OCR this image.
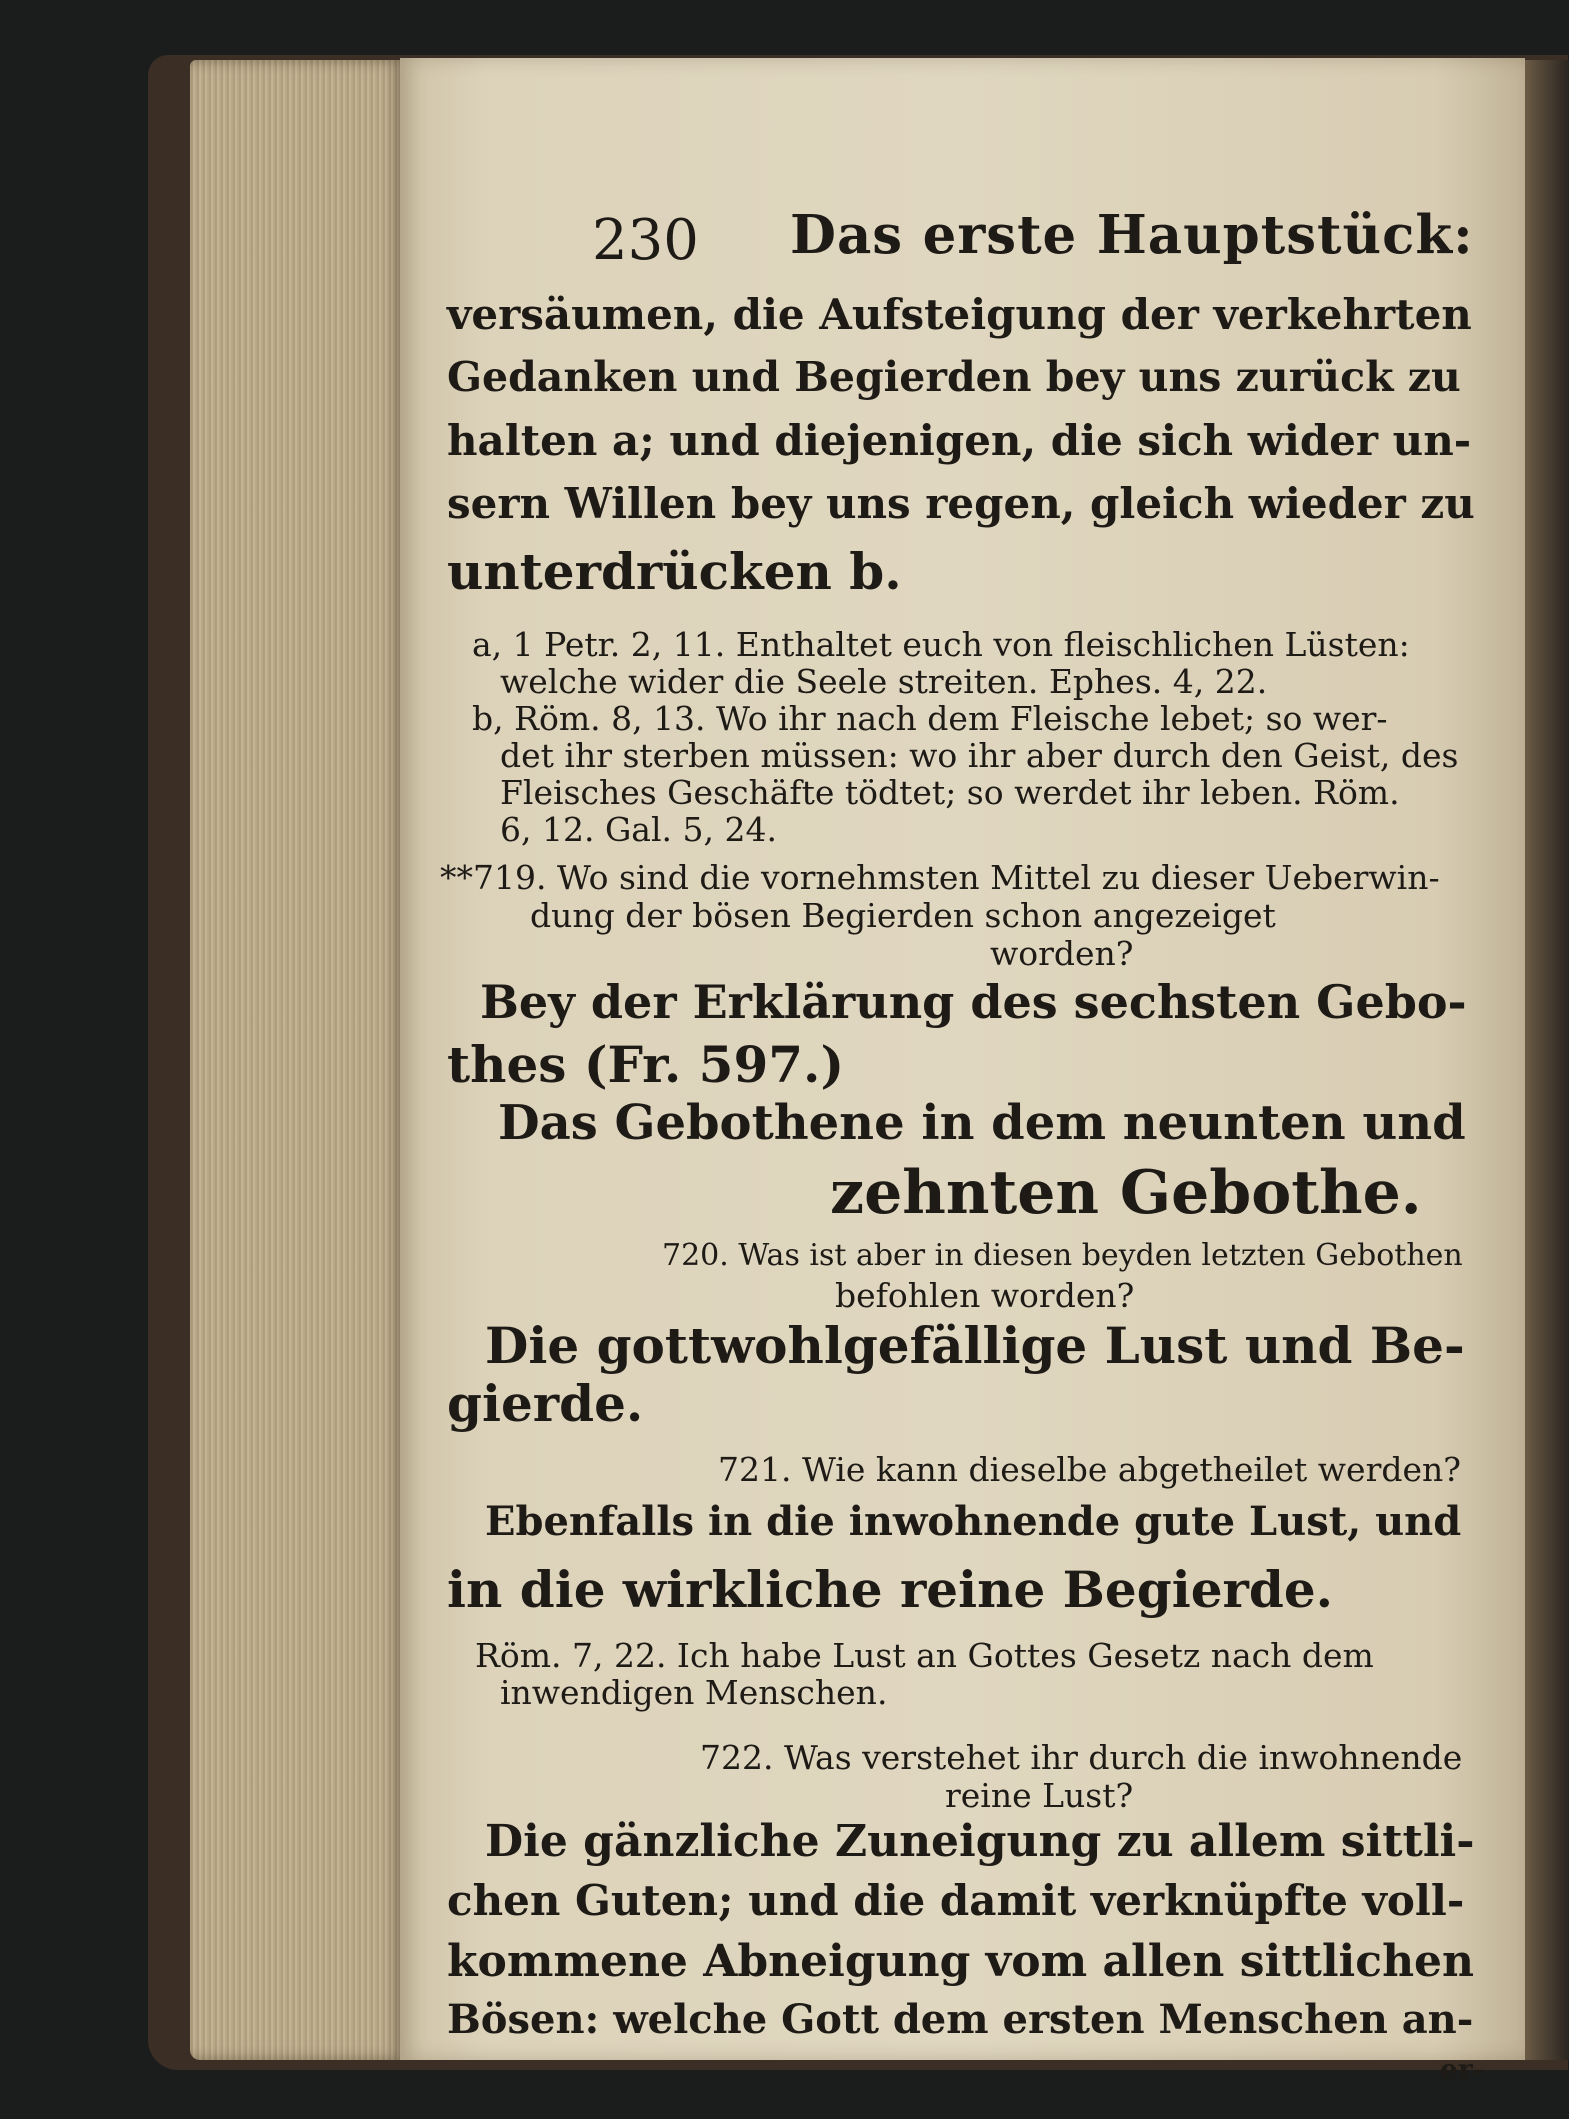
230 Das erste Hauptstück:
versäumen, die Aufsteigung der verkehrten
Gedanken und Begierden bey uns zurück zu
halten a; und diejenigen, die sich wider un-
sern Willen bey uns regen, gleich wieder zu
unterdrücken b.
a, 1 Petr. 2, 11. Enthaltet euch von fleischlichen Lüsten:
welche wider die Seele streiten. Ephes. 4, 22.
b, Röm. 8, 13. Wo ihr nach dem Fleische lebet; so wer-
det ihr sterben müssen: wo ihr aber durch den Geist, des
Fleisches Geschäfte tödtet; so werdet ihr leben. Röm.
6, 12. Gal. 5, 24.
**719. Wo sind die vornehmsten Mittel zu dieser Ueberwin-
dung der bösen Begierden schon angezeiget
worden?
Bey der Erklärung des sechsten Gebo-
thes (Fr. 597.)
Das Gebothene in dem neunten und
zehnten Gebothe.
720. Was ist aber in diesen beyden letzten Gebothen
befohlen worden?
Die gottwohlgefällige Lust und Be-
gierde.
721. Wie kann dieselbe abgetheilet werden?
Ebenfalls in die inwohnende gute Lust, und
in die wirkliche reine Begierde.
Röm. 7, 22. Ich habe Lust an Gottes Gesetz nach dem
inwendigen Menschen.
722. Was verstehet ihr durch die inwohnende
reine Lust?
Die gänzliche Zuneigung zu allem sittli-
chen Guten; und die damit verknüpfte voll-
kommene Abneigung vom allen sittlichen
Bösen: welche Gott dem ersten Menschen an-
er-
